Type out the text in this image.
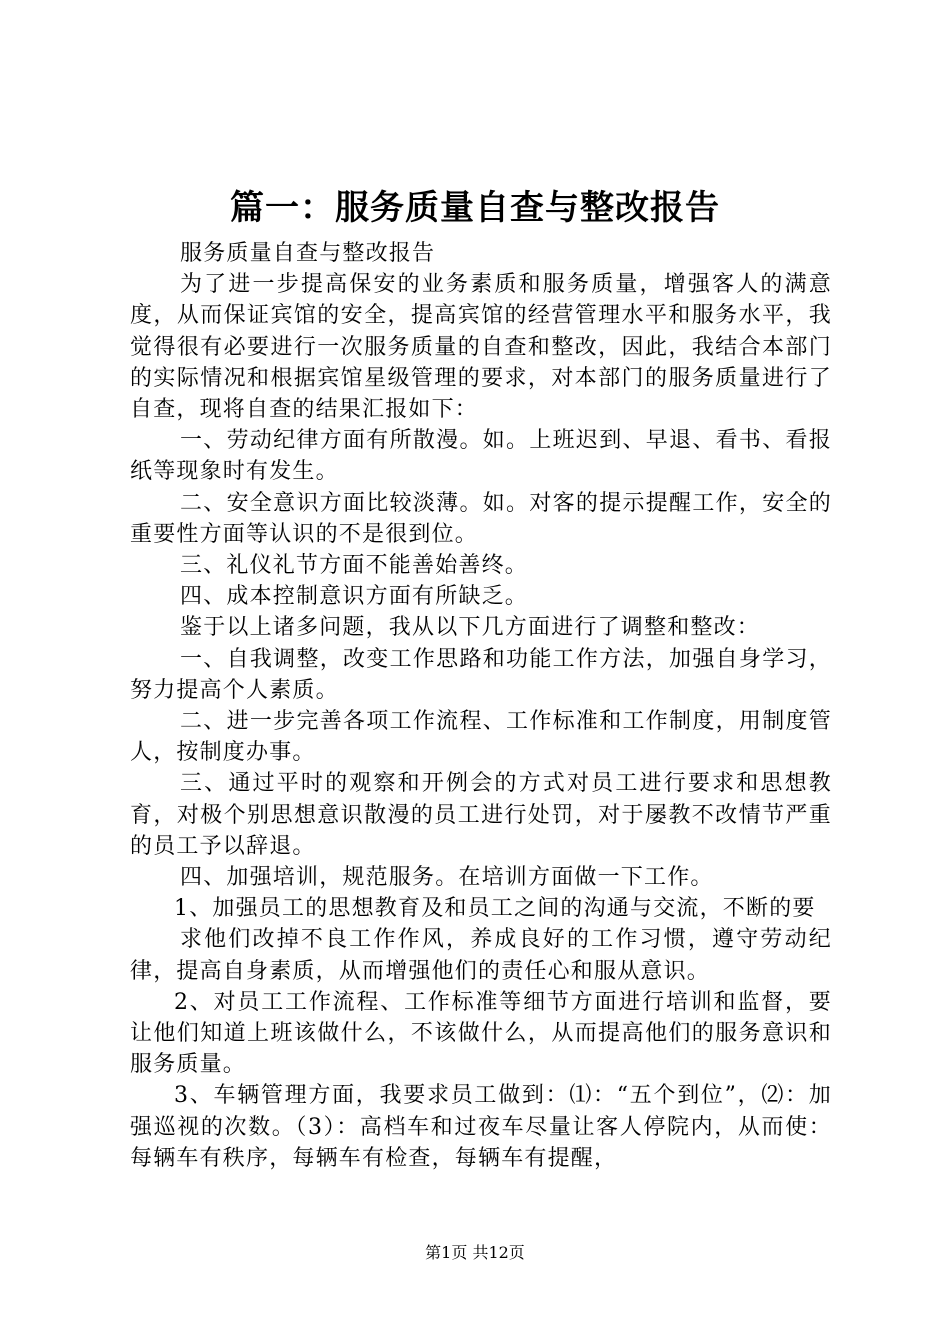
篇一：服务质量自查与整改报告

服务质量自查与整改报告

为了进一步提高保安的业务素质和服务质量，增强客人的满意度，从而保证宾馆的安全，提高宾馆的经营管理水平和服务水平，我觉得很有必要进行一次服务质量的自查和整改，因此，我结合本部门的实际情况和根据宾馆星级管理的要求，对本部门的服务质量进行了自查，现将自查的结果汇报如下：

一、劳动纪律方面有所散漫。如。上班迟到、早退、看书、看报纸等现象时有发生。

二、安全意识方面比较淡薄。如。对客的提示提醒工作，安全的重要性方面等认识的不是很到位。

三、礼仪礼节方面不能善始善终。

四、成本控制意识方面有所缺乏。

鉴于以上诸多问题，我从以下几方面进行了调整和整改：

一、自我调整，改变工作思路和功能工作方法，加强自身学习，努力提高个人素质。

二、进一步完善各项工作流程、工作标准和工作制度，用制度管人，按制度办事。

三、通过平时的观察和开例会的方式对员工进行要求和思想教育，对极个别思想意识散漫的员工进行处罚，对于屡教不改情节严重的员工予以辞退。

四、加强培训，规范服务。在培训方面做一下工作。

1、加强员工的思想教育及和员工之间的沟通与交流，不断的要

求他们改掉不良工作作风，养成良好的工作习惯，遵守劳动纪律，提高自身素质，从而增强他们的责任心和服从意识。

2、对员工工作流程、工作标准等细节方面进行培训和监督，要让他们知道上班该做什么，不该做什么，从而提高他们的服务意识和服务质量。

3、车辆管理方面，我要求员工做到：⑴：“五个到位”，⑵：加强巡视的次数。（3）：高档车和过夜车尽量让客人停院内，从而使：每辆车有秩序，每辆车有检查，每辆车有提醒，

第1页 共12页
